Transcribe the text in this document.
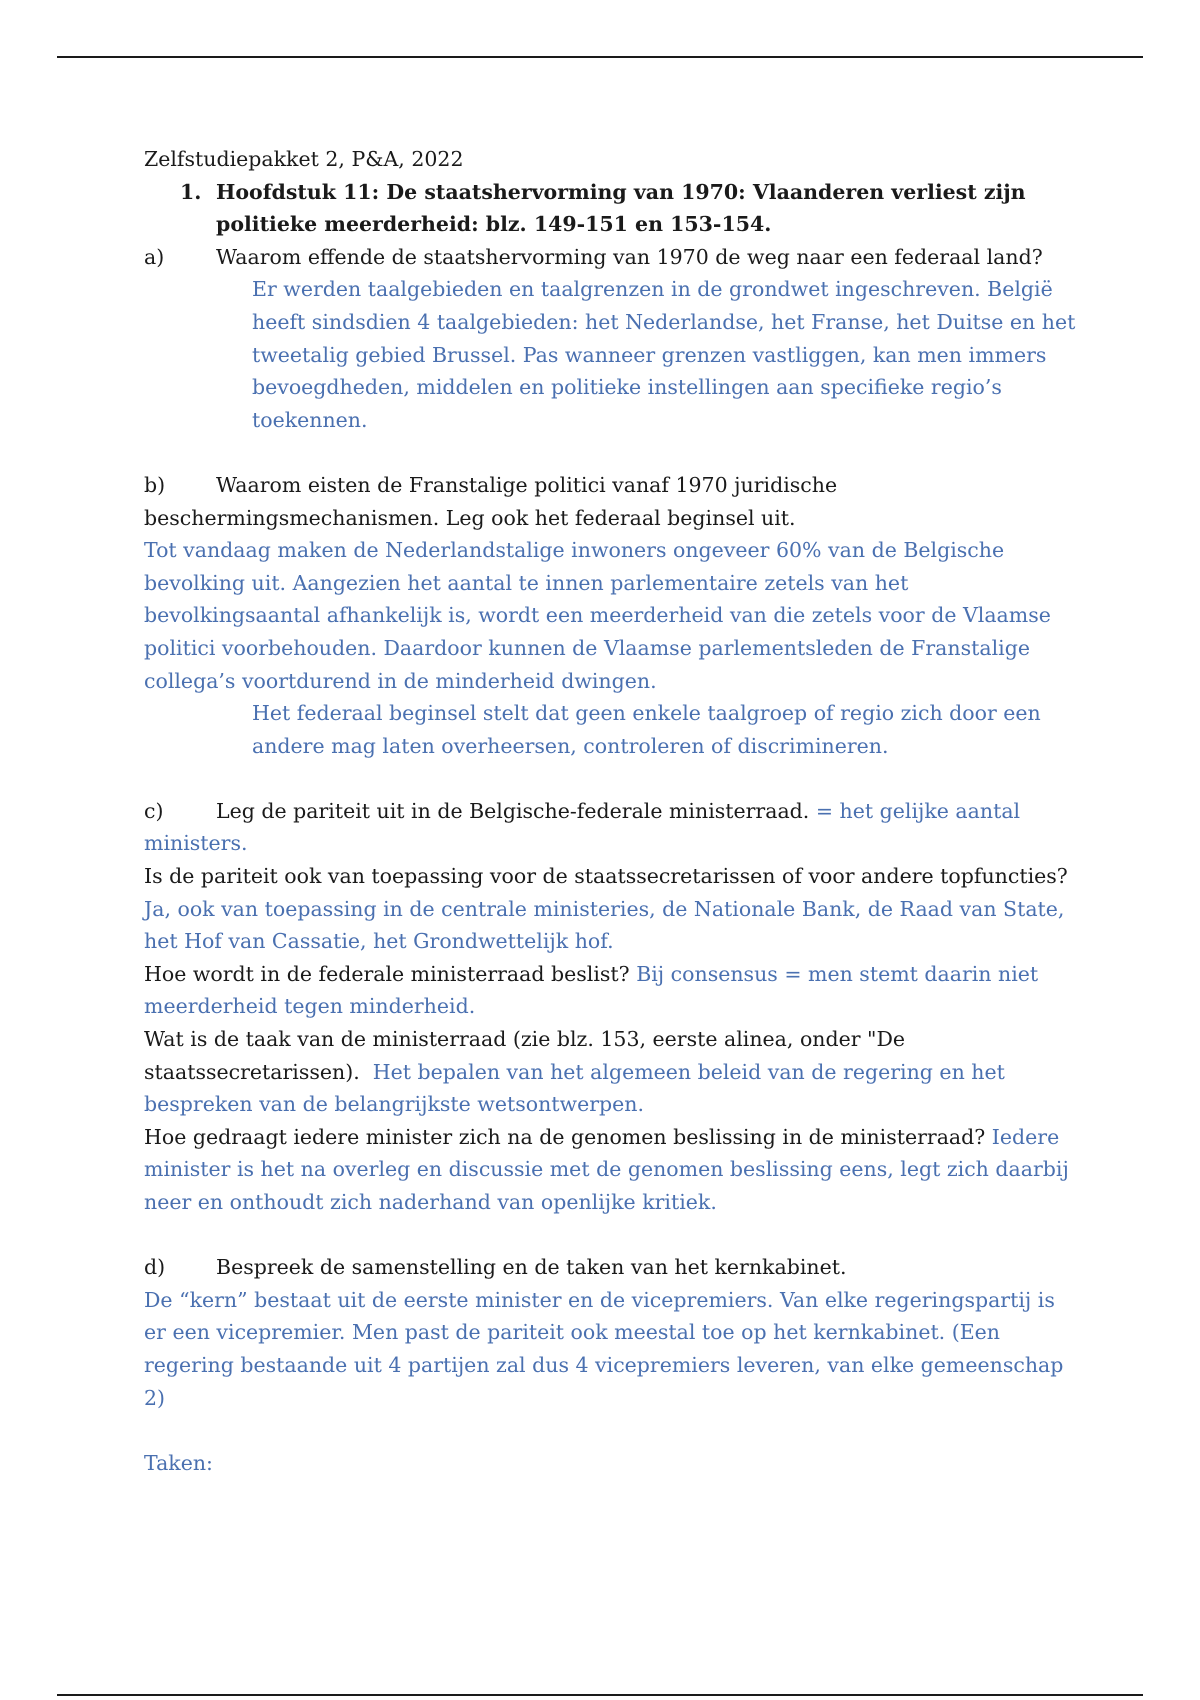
Zelfstudiepakket 2, P&A, 2022
1. Hoofdstuk 11: De staatshervorming van 1970: Vlaanderen verliest zijn
politieke meerderheid: blz. 149-151 en 153-154.
a)	Waarom effende de staatshervorming van 1970 de weg naar een federaal land?
Er werden taalgebieden en taalgrenzen in de grondwet ingeschreven. België
heeft sindsdien 4 taalgebieden: het Nederlandse, het Franse, het Duitse en het
tweetalig gebied Brussel. Pas wanneer grenzen vastliggen, kan men immers
bevoegdheden, middelen en politieke instellingen aan specifieke regio’s
toekennen.
b) Waarom eisten de Franstalige politici vanaf 1970 juridische
beschermingsmechanismen. Leg ook het federaal beginsel uit.
Tot vandaag maken de Nederlandstalige inwoners ongeveer 60% van de Belgische
bevolking uit. Aangezien het aantal te innen parlementaire zetels van het
bevolkingsaantal afhankelijk is, wordt een meerderheid van die zetels voor de Vlaamse
politici voorbehouden. Daardoor kunnen de Vlaamse parlementsleden de Franstalige
collega’s voortdurend in de minderheid dwingen.
Het federaal beginsel stelt dat geen enkele taalgroep of regio zich door een
andere mag laten overheersen, controleren of discrimineren.
c)	Leg de pariteit uit in de Belgische-federale ministerraad. = het gelijke aantal
ministers.
Is de pariteit ook van toepassing voor de staatssecretarissen of voor andere topfuncties?
Ja, ook van toepassing in de centrale ministeries, de Nationale Bank, de Raad van State,
het Hof van Cassatie, het Grondwettelijk hof.
Hoe wordt in de federale ministerraad beslist? Bij consensus = men stemt daarin niet
meerderheid tegen minderheid.
Wat is de taak van de ministerraad (zie blz. 153, eerste alinea, onder "De
staatssecretarissen). Het bepalen van het algemeen beleid van de regering en het
bespreken van de belangrijkste wetsontwerpen.
Hoe gedraagt iedere minister zich na de genomen beslissing in de ministerraad? Iedere
minister is het na overleg en discussie met de genomen beslissing eens, legt zich daarbij
neer en onthoudt zich naderhand van openlijke kritiek.
d) Bespreek de samenstelling en de taken van het kernkabinet.
De “kern” bestaat uit de eerste minister en de vicepremiers. Van elke regeringspartij is
er een vicepremier. Men past de pariteit ook meestal toe op het kernkabinet. (Een
regering bestaande uit 4 partijen zal dus 4 vicepremiers leveren, van elke gemeenschap
2)
Taken:
